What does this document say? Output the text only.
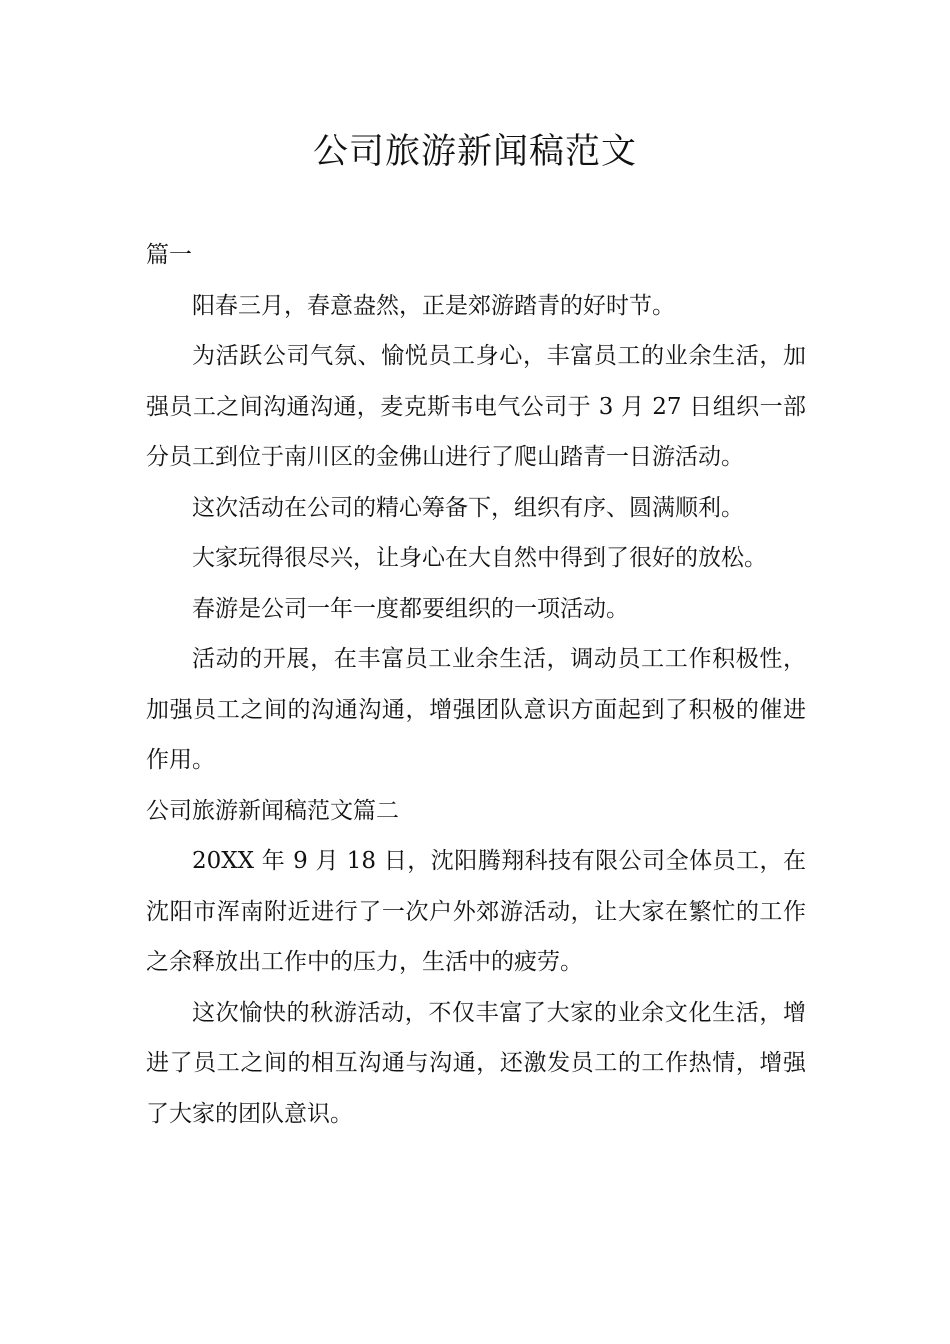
公司旅游新闻稿范文

篇一

阳春三月，春意盎然，正是郊游踏青的好时节。

为活跃公司气氛、愉悦员工身心，丰富员工的业余生活，加强员工之间沟通沟通，麦克斯韦电气公司于 3 月 27 日组织一部分员工到位于南川区的金佛山进行了爬山踏青一日游活动。

这次活动在公司的精心筹备下，组织有序、圆满顺利。

大家玩得很尽兴，让身心在大自然中得到了很好的放松。

春游是公司一年一度都要组织的一项活动。

活动的开展，在丰富员工业余生活，调动员工工作积极性，加强员工之间的沟通沟通，增强团队意识方面起到了积极的催进作用。

公司旅游新闻稿范文篇二

20XX 年 9 月 18 日，沈阳腾翔科技有限公司全体员工，在沈阳市浑南附近进行了一次户外郊游活动，让大家在繁忙的工作之余释放出工作中的压力，生活中的疲劳。

这次愉快的秋游活动，不仅丰富了大家的业余文化生活，增进了员工之间的相互沟通与沟通，还激发员工的工作热情，增强了大家的团队意识。
